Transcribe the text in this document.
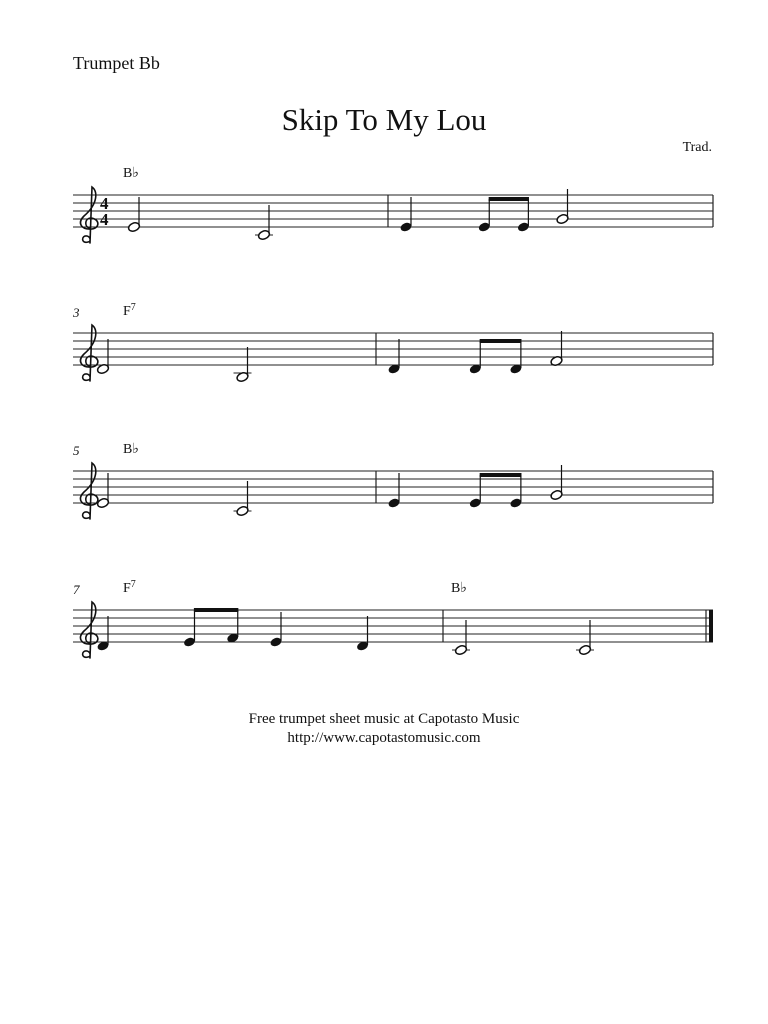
Trumpet Bb
Skip To My Lou
Trad.
4
4
B♭
3	$F^7$
5	B♭
7	$F^7$	B♭
Free trumpet sheet music at Capotasto Music
http://www.capotastomusic.com
